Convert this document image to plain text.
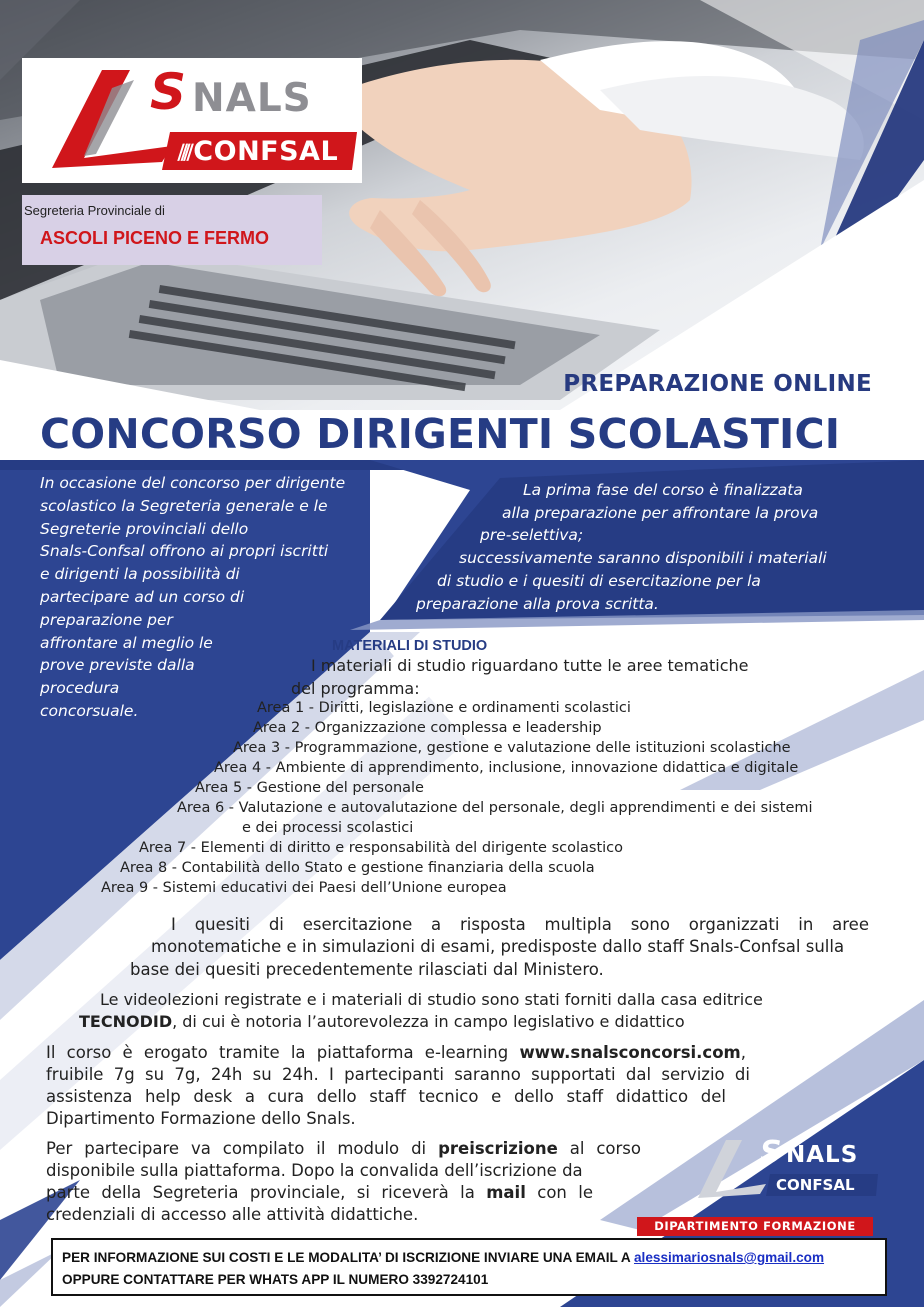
S NALS
⫽⫽ CONFSAL
Segreteria Provinciale di
ASCOLI PICENO E FERMO
PREPARAZIONE ONLINE
CONCORSO DIRIGENTI SCOLASTICI
In occasione del concorso per dirigente
scolastico la Segreteria generale e le
Segreterie provinciali dello
Snals-Confsal offrono ai propri iscritti
e dirigenti la possibilità di
partecipare ad un corso di
preparazione per
affrontare al meglio le
prove previste dalla
procedura
concorsuale.
La prima fase del corso è finalizzata
alla preparazione per affrontare la prova
pre-selettiva;
successivamente saranno disponibili i materiali
di studio e i quesiti di esercitazione per la
preparazione alla prova scritta.
MATERIALI DI STUDIO
I materiali di studio riguardano tutte le aree tematiche
del programma:
Area 1 - Diritti, legislazione e ordinamenti scolastici
Area 2 - Organizzazione complessa e leadership
Area 3 - Programmazione, gestione e valutazione delle istituzioni scolastiche
Area 4 - Ambiente di apprendimento, inclusione, innovazione didattica e digitale
Area 5 - Gestione del personale
Area 6 - Valutazione e autovalutazione del personale, degli apprendimenti e dei sistemi
e dei processi scolastici
Area 7 - Elementi di diritto e responsabilità del dirigente scolastico
Area 8 - Contabilità dello Stato e gestione finanziaria della scuola
Area 9 - Sistemi educativi dei Paesi dell’Unione europea
I quesiti di esercitazione a risposta multipla sono organizzati in aree
monotematiche e in simulazioni di esami, predisposte dallo staff Snals-Confsal sulla
base dei quesiti precedentemente rilasciati dal Ministero.
Le videolezioni registrate e i materiali di studio sono stati forniti dalla casa editrice
TECNODID, di cui è notoria l’autorevolezza in campo legislativo e didattico
Il corso è erogato tramite la piattaforma e-learning www.snalsconcorsi.com,
fruibile 7g su 7g, 24h su 24h. I partecipanti saranno supportati dal servizio di
assistenza help desk a cura dello staff tecnico e dello staff didattico del
Dipartimento Formazione dello Snals.
Per partecipare va compilato il modulo di preiscrizione al corso
disponibile sulla piattaforma. Dopo la convalida dell’iscrizione da
parte della Segreteria provinciale, si riceverà la mail con le
credenziali di accesso alle attività didattiche.
S NALS
CONFSAL
DIPARTIMENTO FORMAZIONE
PER INFORMAZIONE SUI COSTI E LE MODALITA’ DI ISCRIZIONE INVIARE UNA EMAIL A alessimariosnals@gmail.com
OPPURE CONTATTARE PER WHATS APP IL NUMERO 3392724101
